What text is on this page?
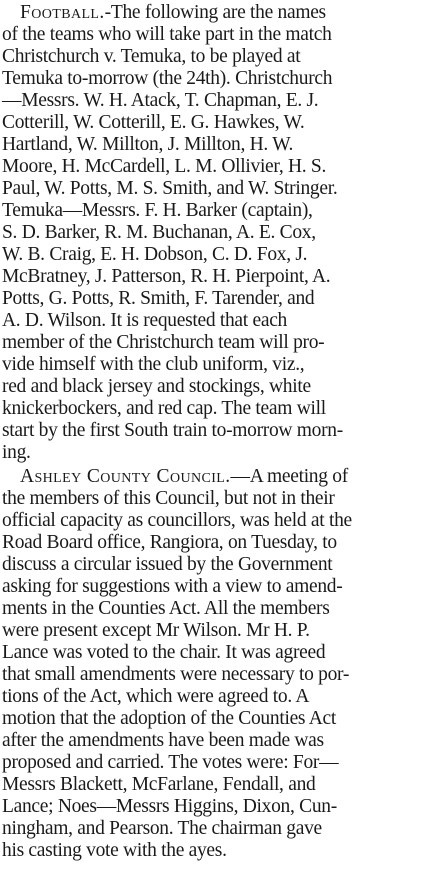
Football.-The following are the names
of the teams who will take part in the match
Christchurch v. Temuka, to be played at
Temuka to-morrow (the 24th). Christchurch
—Messrs. W. H. Atack, T. Chapman, E. J.
Cotterill, W. Cotterill, E. G. Hawkes, W.
Hartland, W. Millton, J. Millton, H. W.
Moore, H. McCardell, L. M. Ollivier, H. S.
Paul, W. Potts, M. S. Smith, and W. Stringer.
Temuka—Messrs. F. H. Barker (captain),
S. D. Barker, R. M. Buchanan, A. E. Cox,
W. B. Craig, E. H. Dobson, C. D. Fox, J.
McBratney, J. Patterson, R. H. Pierpoint, A.
Potts, G. Potts, R. Smith, F. Tarender, and
A. D. Wilson. It is requested that each
member of the Christchurch team will pro-
vide himself with the club uniform, viz.,
red and black jersey and stockings, white
knickerbockers, and red cap. The team will
start by the first South train to-morrow morn-
ing.
Ashley County Council.—A meeting of
the members of this Council, but not in their
official capacity as councillors, was held at the
Road Board office, Rangiora, on Tuesday, to
discuss a circular issued by the Government
asking for suggestions with a view to amend-
ments in the Counties Act. All the members
were present except Mr Wilson. Mr H. P.
Lance was voted to the chair. It was agreed
that small amendments were necessary to por-
tions of the Act, which were agreed to. A
motion that the adoption of the Counties Act
after the amendments have been made was
proposed and carried. The votes were: For—
Messrs Blackett, McFarlane, Fendall, and
Lance; Noes—Messrs Higgins, Dixon, Cun-
ningham, and Pearson. The chairman gave
his casting vote with the ayes.
